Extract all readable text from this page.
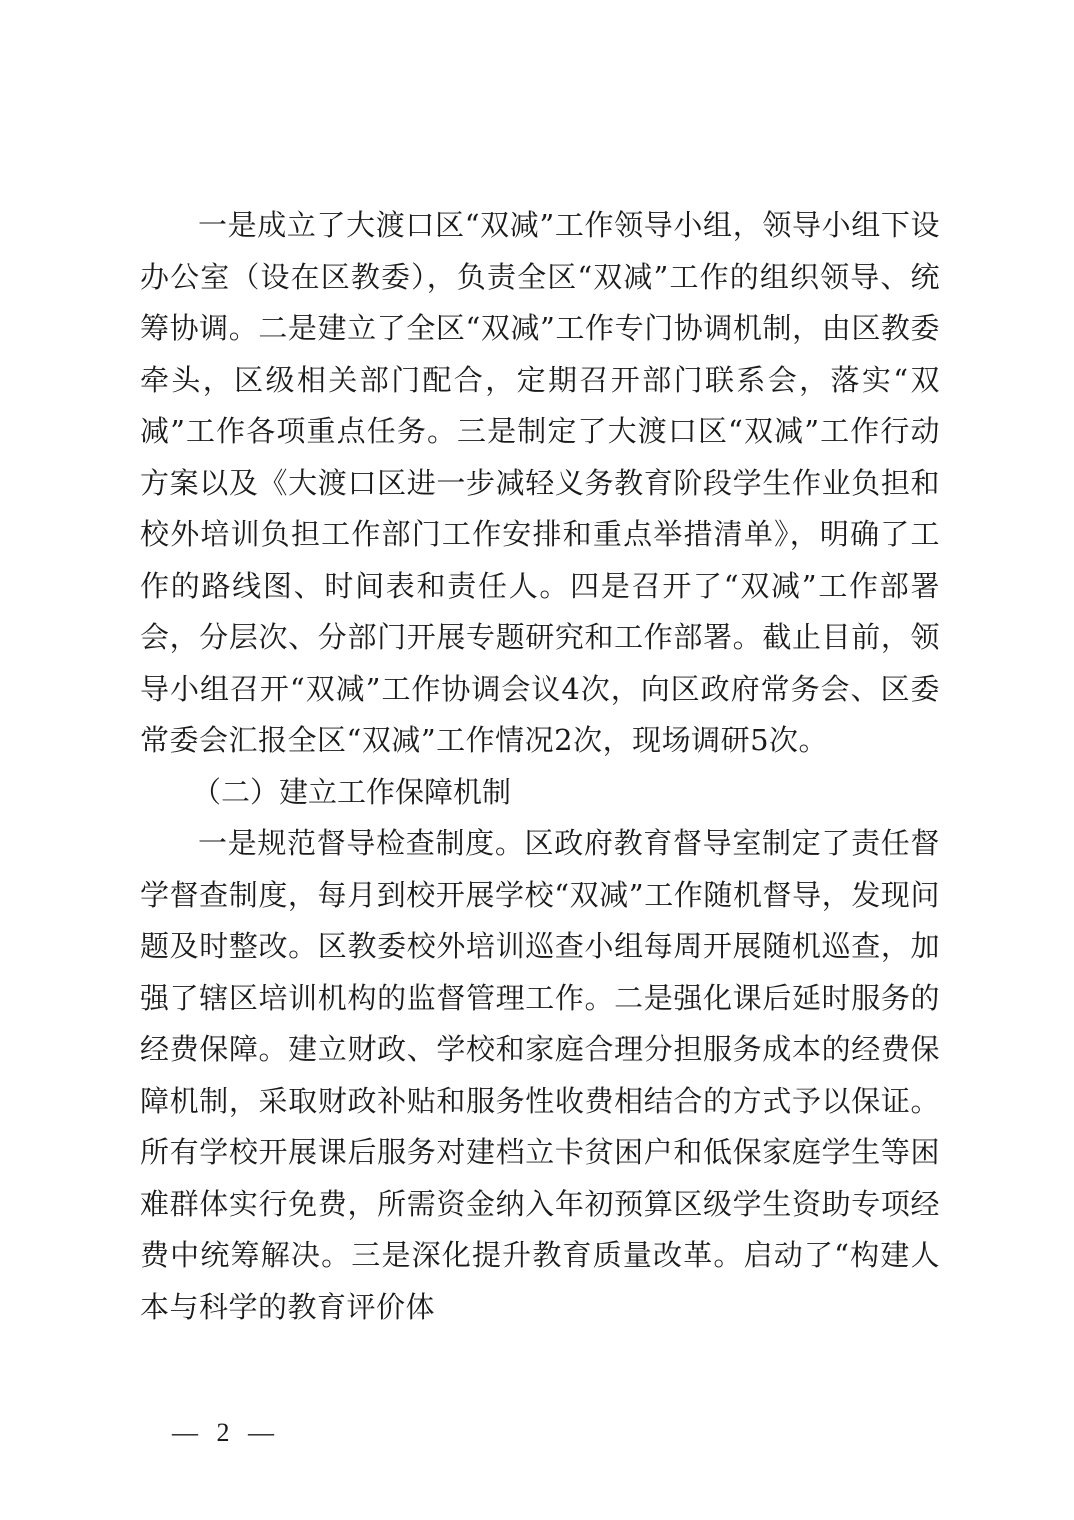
一是成立了大渡口区“双减”工作领导小组，领导小组下设办公室（设在区教委），负责全区“双减”工作的组织领导、统筹协调。二是建立了全区“双减”工作专门协调机制，由区教委牵头，区级相关部门配合，定期召开部门联系会，落实“双减”工作各项重点任务。三是制定了大渡口区“双减”工作行动方案以及《大渡口区进一步减轻义务教育阶段学生作业负担和校外培训负担工作部门工作安排和重点举措清单》，明确了工作的路线图、时间表和责任人。四是召开了“双减”工作部署会，分层次、分部门开展专题研究和工作部署。截止目前，领导小组召开“双减”工作协调会议4次，向区政府常务会、区委常委会汇报全区“双减”工作情况2次，现场调研5次。

（二）建立工作保障机制

一是规范督导检查制度。区政府教育督导室制定了责任督学督查制度，每月到校开展学校“双减”工作随机督导，发现问题及时整改。区教委校外培训巡查小组每周开展随机巡查，加强了辖区培训机构的监督管理工作。二是强化课后延时服务的经费保障。建立财政、学校和家庭合理分担服务成本的经费保障机制，采取财政补贴和服务性收费相结合的方式予以保证。所有学校开展课后服务对建档立卡贫困户和低保家庭学生等困难群体实行免费，所需资金纳入年初预算区级学生资助专项经费中统筹解决。三是深化提升教育质量改革。启动了“构建人本与科学的教育评价体

— 2 —
